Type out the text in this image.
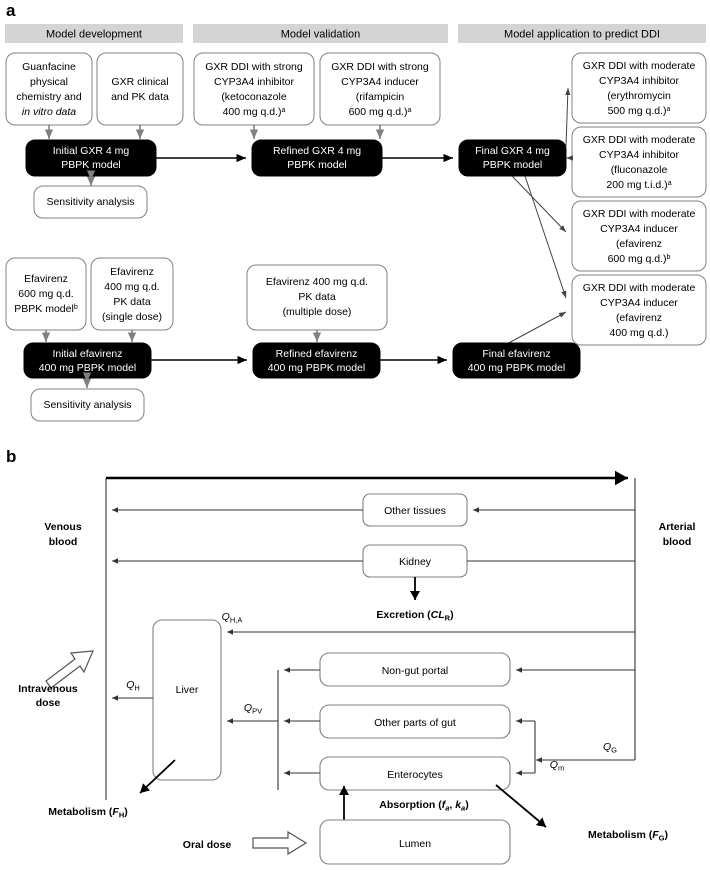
a
b
Model development	Model validation	Model application to predict DDI
Guanfacine
physical
chemistry and
in vitro data
GXR clinical
and PK data
Initial GXR 4 mg
PBPK model
Sensitivity analysis
GXR DDI with strong
CYP3A4 inhibitor
(ketoconazole
400 mg q.d.)$^a$
GXR DDI with strong
CYP3A4 inducer
(rifampicin
600 mg q.d.)$^a$
Refined GXR 4 mg
PBPK model
Final GXR 4 mg
PBPK model
GXR DDI with moderate
CYP3A4 inhibitor
(erythromycin
500 mg q.d.)$^a$
GXR DDI with moderate
CYP3A4 inhibitor
(fluconazole
200 mg t.i.d.)$^a$
GXR DDI with moderate
CYP3A4 inducer
(efavirenz
600 mg q.d.)$^b$
GXR DDI with moderate
CYP3A4 inducer
(efavirenz
400 mg q.d.)
Efavirenz
600 mg q.d.
PBPK model$^b$
Efavirenz
400 mg q.d.
PK data
(single dose)
Initial efavirenz
400 mg PBPK model
Sensitivity analysis
Efavirenz 400 mg q.d.
PK data
(multiple dose)
Refined efavirenz
400 mg PBPK model
Final efavirenz
400 mg PBPK model
Other tissues
Kidney
Excretion $(CL_R)$
Liver
$Q_{H,A}$
$Q_H$
Intravenous
dose
Metabolism $(F_H)$
$Q_{PV}$
Non-gut portal
Other parts of gut
Enterocytes
$Q_G$
$Q_m$
Absorption ($f_a$, $k_a$)
Metabolism $(F_G)$
Lumen
Oral dose
Venous
blood
Arterial
blood
